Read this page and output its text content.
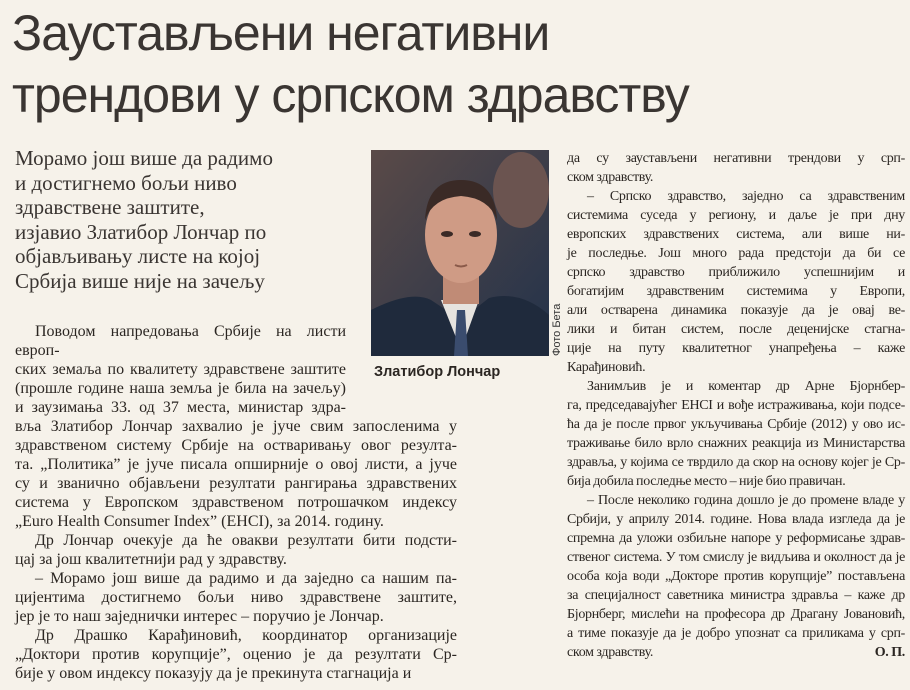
Заустављени негативни
трендови у српском здравству
Морамо још више да радимо
и достигнемо бољи ниво
здравствене заштите,
изјавио Златибор Лончар по
објављивању листе на којој
Србија више није на зачељу
Фото Бета
Златибор Лончар
Поводом напредовања Србије на листи европ-
ских земаља по квалитету здравствене заштите
(прошле године наша земља је била на зачељу)
и заузимања 33. од 37 места, министар здра-
вља Златибор Лончар захвалио је јуче свим запосленима у
здравственом систему Србије на остваривању овог резулта-
та. „Политика” је јуче писала опширније о овој листи, а јуче
су и званично објављени резултати рангирања здравствених
система у Европском здравственом потрошачком индексу
„Euro Health Consumer Index” (EHCI), за 2014. годину.
Др Лончар очекује да ће овакви резултати бити подсти-
цај за још квалитетнији рад у здравству.
– Морамо још више да радимо и да заједно са нашим па-
цијентима достигнемо бољи ниво здравствене заштите,
јер је то наш заједнички интерес – поручио је Лончар.
Др Драшко Карађиновић, координатор организације
„Доктори против корупције”, оценио је да резултати Ср-
бије у овом индексу показују да је прекинута стагнација и
да су заустављени негативни трендови у срп-
ском здравству.
– Српско здравство, заједно са здравственим
системима суседа у региону, и даље је при дну
европских здравствених система, али више ни-
је последње. Још много рада предстоји да би се
српско здравство приближило успешнијим и
богатијим здравственим системима у Европи,
али остварена динамика показује да је овај ве-
лики и битан систем, после деценијске стагна-
ције на путу квалитетног унапређења – каже
Карађиновић.
Занимљив је и коментар др Арне Бјорнбер-
га, председавајућег ЕНСI и вође истраживања, који подсе-
ћа да је после првог укључивања Србије (2012) у ово ис-
траживање било врло снажних реакција из Министарства
здравља, у којима се тврдило да скор на основу којег је Ср-
бија добила последње место – није био правичан.
– После неколико година дошло је до промене владе у
Србији, у априлу 2014. године. Нова влада изгледа да је
спремна да уложи озбиљне напоре у реформисање здрав-
ственог система. У том смислу је видљива и околност да је
особа која води „Докторе против корупције” постављена
за специјалност саветника министра здравља – каже др
Бјорнберг, мислећи на професора др Драгану Јовановић,
а тиме показује да је добро упознат са приликама у срп-
ском здравству.	О. П.
